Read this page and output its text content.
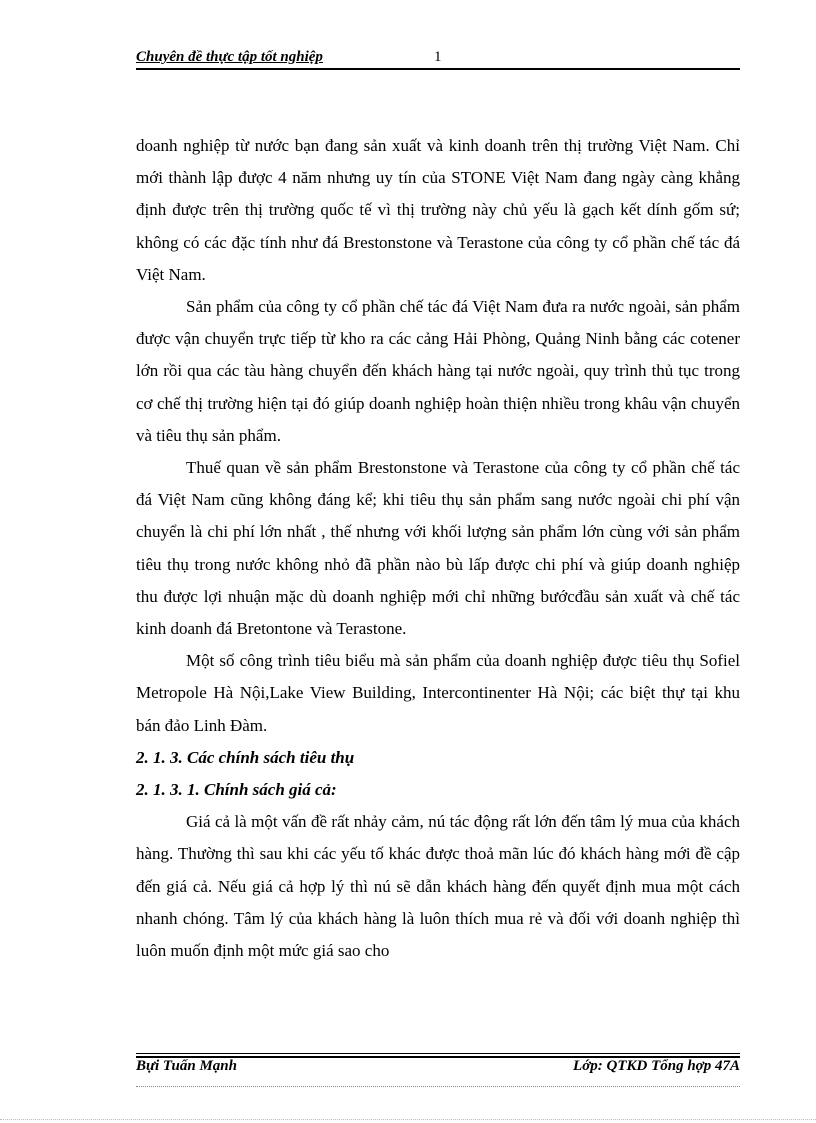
Chuyên đề thực tập tốt nghiệp	1

doanh nghiệp từ nước bạn đang sản xuất và kinh doanh trên thị trường Việt Nam. Chỉ mới thành lập được 4 năm nhưng uy tín của STONE Việt Nam đang ngày càng khẳng định được trên thị trường quốc tế vì thị trường này chủ yếu là gạch kết dính gốm sứ; không có các đặc tính như đá Brestonstone và Terastone của công ty cổ phần chế tác đá Việt Nam.

Sản phẩm của công ty cổ phần chế tác đá Việt Nam đưa ra nước ngoài, sản phẩm được vận chuyển trực tiếp từ kho ra các cảng Hải Phòng, Quảng Ninh bằng các cotener lớn rồi qua các tàu hàng chuyển đến khách hàng tại nước ngoài, quy trình thủ tục trong cơ chế thị trường hiện tại đó giúp doanh nghiệp hoàn thiện nhiều trong khâu vận chuyển và tiêu thụ sản phẩm.

Thuế quan về sản phẩm Brestonstone và Terastone của công ty cổ phần chế tác đá Việt Nam cũng không đáng kể; khi tiêu thụ sản phẩm sang nước ngoài chi phí vận chuyển là chi phí lớn nhất , thế nhưng với khối lượng sản phẩm lớn cùng với sản phẩm tiêu thụ trong nước không nhỏ đã phần nào bù lấp được chi phí và giúp doanh nghiệp thu được lợi nhuận mặc dù doanh nghiệp mới chỉ những bướcđầu sản xuất và chế tác kinh doanh đá Bretontone và Terastone.

Một số công trình tiêu biểu mà sản phẩm của doanh nghiệp được tiêu thụ Sofiel Metropole Hà Nội,Lake View Building, Intercontinenter Hà Nội; các biệt thự tại khu bán đảo Linh Đàm.

2. 1. 3. Các chính sách tiêu thụ

2. 1. 3. 1. Chính sách giá cả:

Giá cả là một vấn đề rất nhảy cảm, nú tác động rất lớn đến tâm lý mua của khách hàng. Thường thì sau khi các yếu tố khác được thoả mãn lúc đó khách hàng mới đề cập đến giá cả. Nếu giá cả hợp lý thì nú sẽ dẫn khách hàng đến quyết định mua một cách nhanh chóng. Tâm lý của khách hàng là luôn thích mua rẻ và đối với doanh nghiệp thì luôn muốn định một mức giá sao cho

Bựi Tuấn Mạnh	Lớp: QTKD Tổng hợp 47A
